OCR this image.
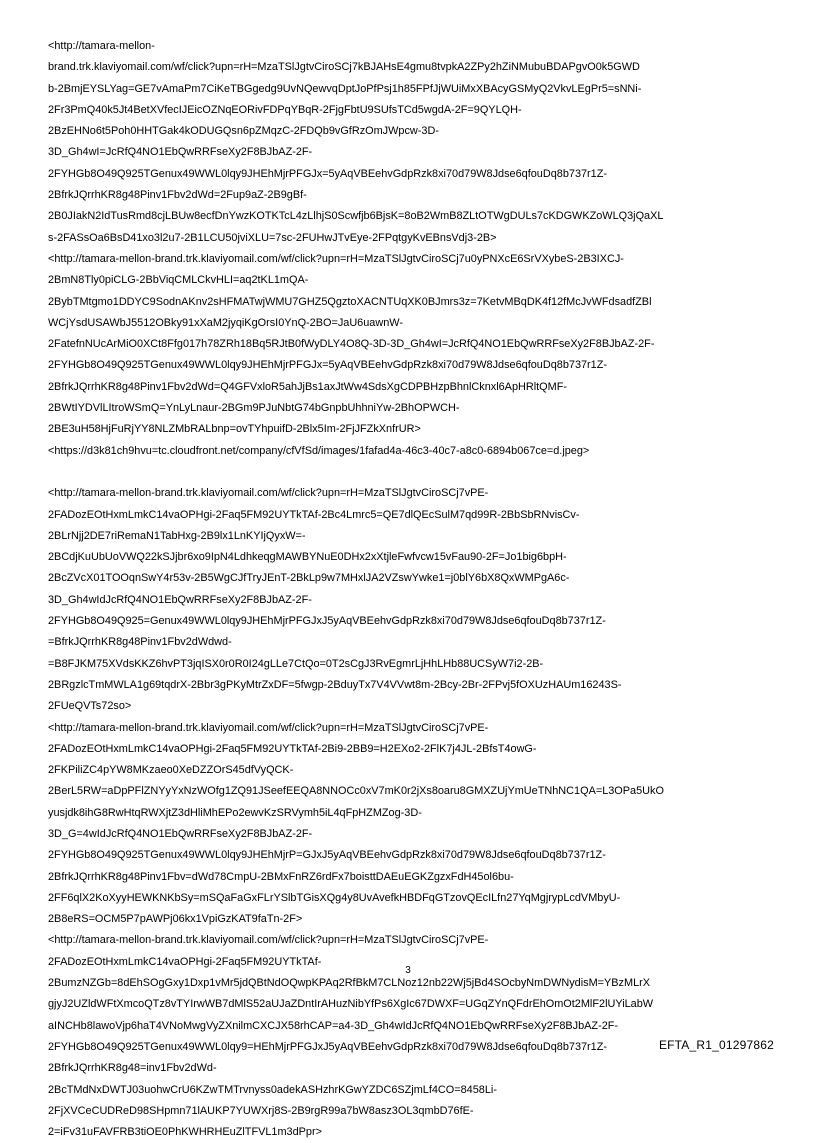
<http://tamara-mellon-
brand.trk.klaviyomail.com/wf/click?upn=rH=MzaTSlJgtvCiroSCj7kBJAHsE4gmu8tvpkA2ZPy2hZiNMubuBDAPgvO0k5GWD
b-2BmjEYSLYag=GE7vAmaPm7CiKeTBGgedg9UvNQewvqDptJoPfPsj1h85FPfJjWUiMxXBAcyGSMyQ2VkvLEgPr5=sNNi-
2Fr3PmQ40k5Jt4BetXVfecIJEicOZNqEORivFDPqYBqR-2FjgFbtU9SUfsTCd5wgdA-2F=9QYLQH-
2BzEHNo6t5Poh0HHTGak4kODUGQsn6pZMqzC-2FDQb9vGfRzOmJWpcw-3D-
3D_Gh4wI=JcRfQ4NO1EbQwRRFseXy2F8BJbAZ-2F-
2FYHGb8O49Q925TGenux49WWL0lqy9JHEhMjrPFGJx=5yAqVBEehvGdpRzk8xi70d79W8Jdse6qfouDq8b737r1Z-
2BfrkJQrrhKR8g48Pinv1Fbv2dWd=2Fup9aZ-2B9gBf-
2B0JIakN2IdTusRmd8cjLBUw8ecfDnYwzKOTKTcL4zLlhjS0Scwfjb6BjsK=8oB2WmB8ZLtOTWgDULs7cKDGWKZoWLQ3jQaXL
s-2FASsOa6BsD41xo3l2u7-2B1LCU50jviXLU=7sc-2FUHwJTvEye-2FPqtgyKvEBnsVdj3-2B>
<http://tamara-mellon-brand.trk.klaviyomail.com/wf/click?upn=rH=MzaTSlJgtvCiroSCj7u0yPNXcE6SrVXybeS-2B3IXCJ-
2BmN8Tly0piCLG-2BbViqCMLCkvHLI=aq2tKL1mQA-
2BybTMtgmo1DDYC9SodnAKnv2sHFMATwjWMU7GHZ5QgztoXACNTUqXK0BJmrs3z=7KetvMBqDK4f12fMcJvWFdsadfZBl
WCjYsdUSAWbJ5512OBky91xXaM2jyqiKgOrsI0YnQ-2BO=JaU6uawnW-
2FatefnNUcArMiO0XCt8Ffg017h78ZRh18Bq5RJtB0fWyDLY4O8Q-3D-3D_Gh4wI=JcRfQ4NO1EbQwRRFseXy2F8BJbAZ-2F-
2FYHGb8O49Q925TGenux49WWL0lqy9JHEhMjrPFGJx=5yAqVBEehvGdpRzk8xi70d79W8Jdse6qfouDq8b737r1Z-
2BfrkJQrrhKR8g48Pinv1Fbv2dWd=Q4GFVxloR5ahJjBs1axJtWw4SdsXgCDPBHzpBhnlCknxl6ApHRltQMF-
2BWtIYDVlLItroWSmQ=YnLyLnaur-2BGm9PJuNbtG74bGnpbUhhniYw-2BhOPWCH-
2BE3uH58HjFuRjYY8NLZMbRALbnp=ovTYhpuifD-2Blx5Im-2FjJFZkXnfrUR>
<https://d3k81ch9hvu=tc.cloudfront.net/company/cfVfSd/images/1fafad4a-46c3-40c7-a8c0-6894b067ce=d.jpeg>
<http://tamara-mellon-brand.trk.klaviyomail.com/wf/click?upn=rH=MzaTSlJgtvCiroSCj7vPE-
2FADozEOtHxmLmkC14vaOPHgi-2Faq5FM92UYTkTAf-2Bc4Lmrc5=QE7dlQEcSulM7qd99R-2BbSbRNvisCv-
2BLrNjj2DE7riRemaN1TabHxg-2B9lx1LnKYIjQyxW=-
2BCdjKuUbUoVWQ22kSJjbr6xo9IpN4LdhkeqgMAWBYNuE0DHx2xXtjleFwfvcw15vFau90-2F=Jo1big6bpH-
2BcZVcX01TOOqnSwY4r53v-2B5WgCJfTryJEnT-2BkLp9w7MHxlJA2VZswYwke1=j0blY6bX8QxWMPgA6c-
3D_Gh4wIdJcRfQ4NO1EbQwRRFseXy2F8BJbAZ-2F-
2FYHGb8O49Q925=Genux49WWL0lqy9JHEhMjrPFGJxJ5yAqVBEehvGdpRzk8xi70d79W8Jdse6qfouDq8b737r1Z-
=BfrkJQrrhKR8g48Pinv1Fbv2dWdwd-
=B8FJKM75XVdsKKZ6hvPT3jqISX0r0R0I24gLLe7CtQo=0T2sCgJ3RvEgmrLjHhLHb88UCSyW7i2-2B-
2BRgzlcTmMWLA1g69tqdrX-2Bbr3gPKyMtrZxDF=5fwgp-2BduyTx7V4VVwt8m-2Bcy-2Br-2FPvj5fOXUzHAUm16243S-
2FUeQVTs72so>
<http://tamara-mellon-brand.trk.klaviyomail.com/wf/click?upn=rH=MzaTSlJgtvCiroSCj7vPE-
2FADozEOtHxmLmkC14vaOPHgi-2Faq5FM92UYTkTAf-2Bi9-2BB9=H2EXo2-2FlK7j4JL-2BfsT4owG-
2FKPiliZC4pYW8MKzaeo0XeDZZOrS45dfVyQCK-
2BerL5RW=aDpPFlZNYyYxNzWOfg1ZQ91JSeefEEQA8NNOCc0xV7mK0r2jXs8oaru8GMXZUjYmUeTNhNC1QA=L3OPa5UkO
yusjdk8ihG8RwHtqRWXjtZ3dHliMhEPo2ewvKzSRVymh5iL4qFpHZMZog-3D-
3D_G=4wIdJcRfQ4NO1EbQwRRFseXy2F8BJbAZ-2F-
2FYHGb8O49Q925TGenux49WWL0lqy9JHEhMjrP=GJxJ5yAqVBEehvGdpRzk8xi70d79W8Jdse6qfouDq8b737r1Z-
2BfrkJQrrhKR8g48Pinv1Fbv=dWd78CmpU-2BMxFnRZ6rdFx7boisttDAEuEGKZgzxFdH45ol6bu-
2FF6qlX2KoXyyHEWKNKbSy=mSQaFaGxFLrYSlbTGisXQg4y8UvAvefkHBDFqGTzovQEcILfn27YqMgjrypLcdVMbyU-
2B8eRS=OCM5P7pAWPj06kx1VpiGzKAT9faTn-2F>
<http://tamara-mellon-brand.trk.klaviyomail.com/wf/click?upn=rH=MzaTSlJgtvCiroSCj7vPE-
2FADozEOtHxmLmkC14vaOPHgi-2Faq5FM92UYTkTAf-
2BumzNZGb=8dEhSOgGxy1Dxp1vMr5jdQBtNdOQwpKPAq2RfBkM7CLNoz12nb22Wj5jBd4SOcbyNmDWNydisM=YBzMLrX
gjyJ2UZldWFtXmcoQTz8vTYIrwWB7dMlS52aUJaZDntIrAHuzNibYfPs6XgIc67DWXF=UGqZYnQFdrEhOmOt2MlF2lUYiLabW
aINCHb8lawoVjp6haT4VNoMwgVyZXnilmCXCJX58rhCAP=a4-3D_Gh4wIdJcRfQ4NO1EbQwRRFseXy2F8BJbAZ-2F-
2FYHGb8O49Q925TGenux49WWL0lqy9=HEhMjrPFGJxJ5yAqVBEehvGdpRzk8xi70d79W8Jdse6qfouDq8b737r1Z-
2BfrkJQrrhKR8g48=inv1Fbv2dWd-
2BcTMdNxDWTJ03uohwCrU6KZwTMTrvnyss0adekASHzhrKGwYZDC6SZjmLf4CO=8458Li-
2FjXVCeCUDReD98SHpmn71lAUKP7YUWXrj8S-2B9rgR99a7bW8asz3OL3qmbD76fE-
2=iFv31uFAVFRB3tiOE0PhKWHRHEuZlTFVL1m3dPpr>
3
EFTA_R1_01297862
